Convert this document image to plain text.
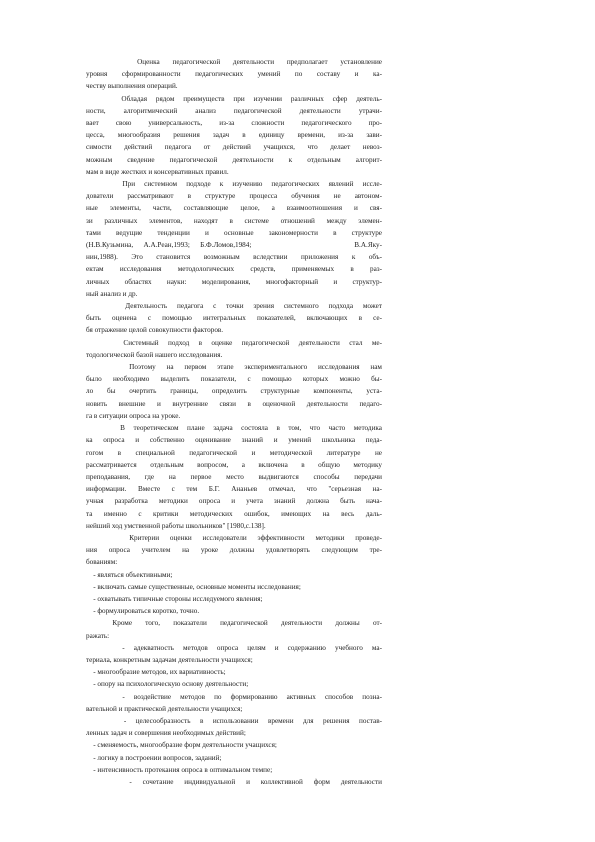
Оценка педагогической деятельности предполагает установление
уровня сформированности педагогических умений по составу и ка-
честву выполнения операций.
Обладая рядом преимуществ при изучении различных сфер деятель-
ности, алгоритмический анализ педагогической деятельности утрачи-
вает свою универсальность, из-за сложности педагогического про-
цесса, многообразия решения задач в единицу времени, из-за зави-
симости действий педагога от действий учащихся, что делает невоз-
можным сведение педагогической деятельности к отдельным алгорит-
мам в виде жестких и консервативных правил.
При системном подходе к изучению педагогических явлений иссле-
дователи рассматривают в структуре процесса обучения не автоном-
ные элементы, части, составляющие целое, а взаимоотношения и свя-
зи различных элементов, находят в системе отношений между элемен-
тами ведущие тенденции и основные закономерности в структуре
(Н.В.Кузьмина, А.А.Реан,1993; Б.Ф.Ломов,1984;          В.А.Яку-
нин,1988). Это становится возможным вследствии приложения к объ-
ектам исследования методологических средств, применяемых в раз-
личных областях науки: моделирования, многофакторный и структур-
ный анализ и др.
Деятельность педагога с точки зрения системного подхода может
быть оценена с помощью интегральных показателей, включающих в се-
бя отражение целой совокупности факторов.
Системный подход в оценке педагогической деятельности стал ме-
тодологической базой нашего исследования.
Поэтому на первом этапе экспериментального исследования нам
было необходимо выделить показатели, с помощью которых можно бы-
ло бы очертить границы, определить структурные компоненты, уста-
новить внешние и внутренние связи в оценочной деятельности педаго-
га в ситуации опроса на уроке.
В теоретическом плане задача состояла в том, что часто методика
ка опроса и собственно оценивание знаний и умений школьника педа-
гогом в специальной педагогической и методической литературе не
рассматривается отдельным вопросом, а включена в общую методику
преподавания, где на первое место выдвигаются способы передачи
информации. Вместе с тем Б.Г. Ананьев отмечал, что "серьезная на-
учная разработка методики опроса и учета знаний должна быть нача-
та именно с критики методических ошибок, имеющих на весь даль-
нейший ход умственной работы школьников" [1980,с.138].
Критерии оценки исследователи эффективности методики проведе-
ния опроса учителем на уроке должны удовлетворять следующим тре-
бованиям:
- являться объективными;
- включать самые существенные, основные моменты исследования;
- охватывать типичные стороны исследуемого явления;
- формулироваться коротко, точно.
Кроме того, показатели педагогической деятельности должны от-
ражать:
- адекватность методов опроса целям и содержанию учебного ма-
териала, конкретным задачам деятельности учащихся;
- многообразие методов, их вариативность;
- опору на психологическую основу деятельности;
- воздействие методов по формированию активных способов позна-
вательной и практической деятельности учащихся;
- целесообразность в использовании времени для решения постав-
ленных задач и совершения необходимых действий;
- сменяемость, многообразие форм деятельности учащихся;
- логику в построении вопросов, заданий;
- интенсивность протекания опроса в оптимальном темпе;
- сочетание индивидуальной и коллективной форм деятельности
